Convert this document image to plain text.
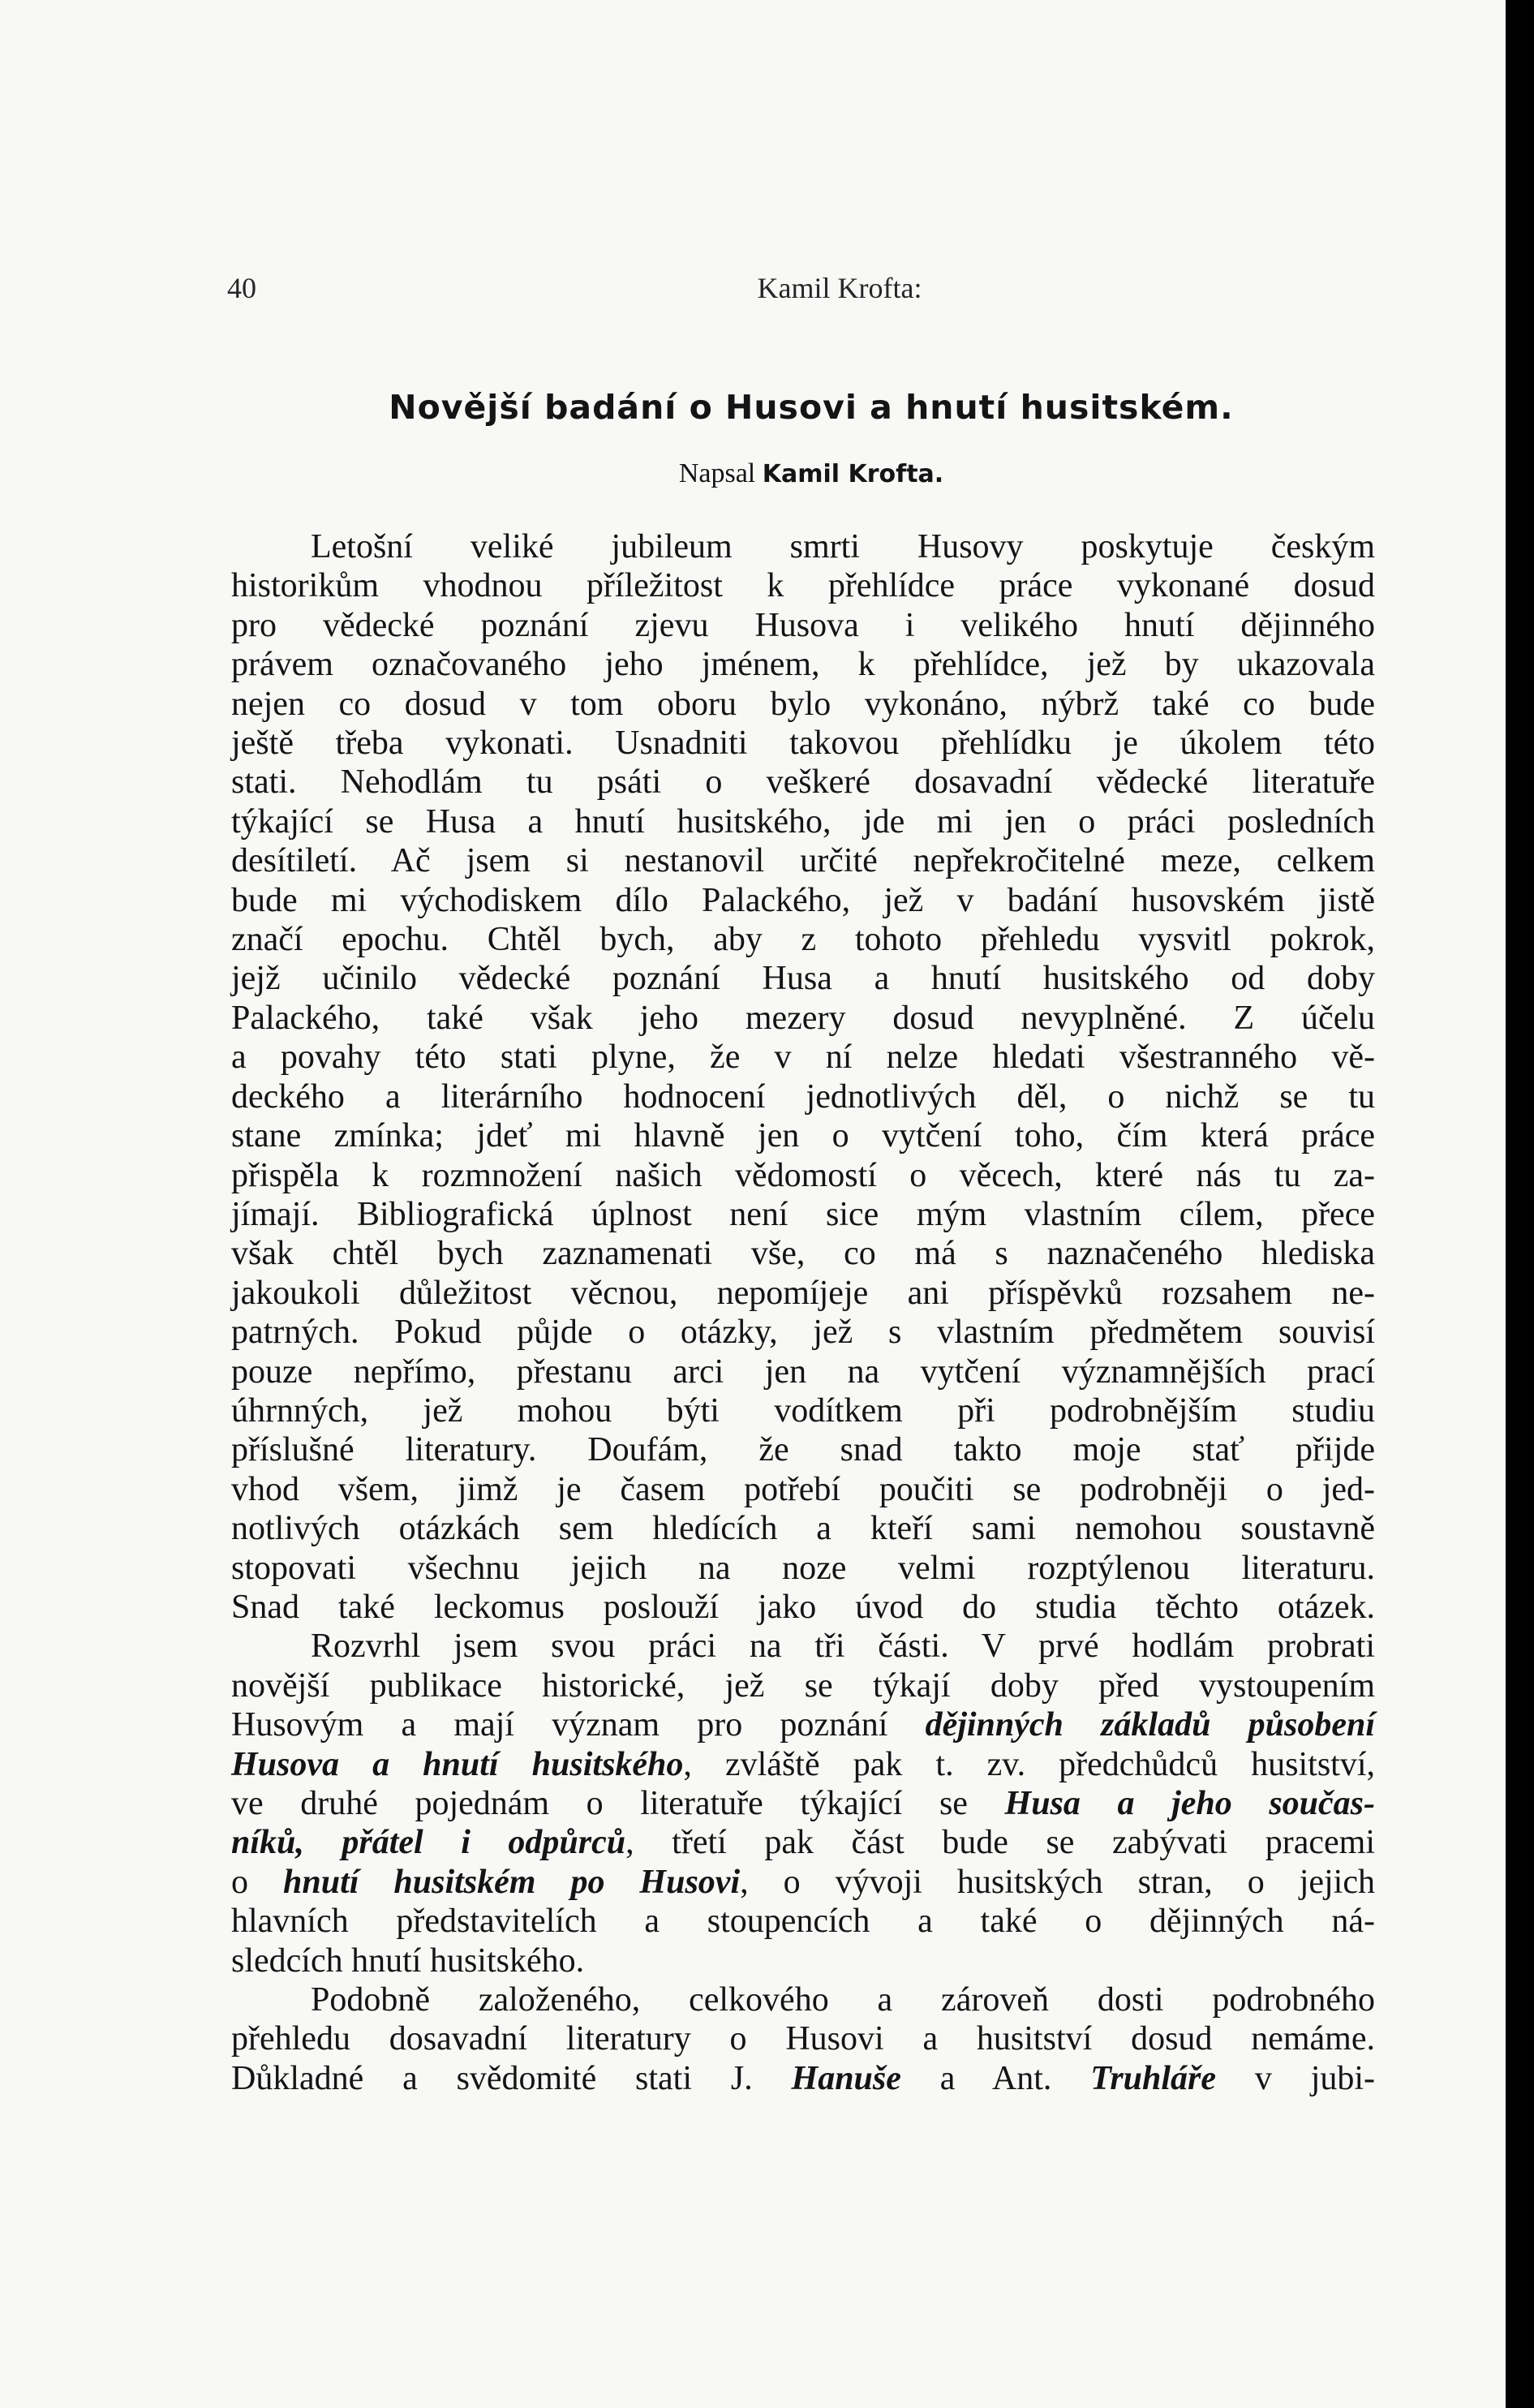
40	Kamil Krofta:
Novější badání o Husovi a hnutí husitském.
Napsal Kamil Krofta.
Letošní veliké jubileum smrti Husovy poskytuje českým
historikům vhodnou příležitost k přehlídce práce vykonané dosud
pro vědecké poznání zjevu Husova i velikého hnutí dějinného
právem označovaného jeho jménem, k přehlídce, jež by ukazovala
nejen co dosud v tom oboru bylo vykonáno, nýbrž také co bude
ještě třeba vykonati. Usnadniti takovou přehlídku je úkolem této
stati. Nehodlám tu psáti o veškeré dosavadní vědecké literatuře
týkající se Husa a hnutí husitského, jde mi jen o práci posledních
desítiletí. Ač jsem si nestanovil určité nepřekročitelné meze, celkem
bude mi východiskem dílo Palackého, jež v badání husovském jistě
značí epochu. Chtěl bych, aby z tohoto přehledu vysvitl pokrok,
jejž učinilo vědecké poznání Husa a hnutí husitského od doby
Palackého, také však jeho mezery dosud nevyplněné. Z účelu
a povahy této stati plyne, že v ní nelze hledati všestranného vě-
deckého a literárního hodnocení jednotlivých děl, o nichž se tu
stane zmínka; jdeť mi hlavně jen o vytčení toho, čím která práce
přispěla k rozmnožení našich vědomostí o věcech, které nás tu za-
jímají. Bibliografická úplnost není sice mým vlastním cílem, přece
však chtěl bych zaznamenati vše, co má s naznačeného hlediska
jakoukoli důležitost věcnou, nepomíjeje ani příspěvků rozsahem ne-
patrných. Pokud půjde o otázky, jež s vlastním předmětem souvisí
pouze nepřímo, přestanu arci jen na vytčení významnějších prací
úhrnných, jež mohou býti vodítkem při podrobnějším studiu
příslušné literatury. Doufám, že snad takto moje stať přijde
vhod všem, jimž je časem potřebí poučiti se podrobněji o jed-
notlivých otázkách sem hledících a kteří sami nemohou soustavně
stopovati všechnu jejich na noze velmi rozptýlenou literaturu.
Snad také leckomus poslouží jako úvod do studia těchto otázek.
Rozvrhl jsem svou práci na tři části. V prvé hodlám probrati
novější publikace historické, jež se týkají doby před vystoupením
Husovým a mají význam pro poznání dějinných základů působení
Husova a hnutí husitského, zvláště pak t. zv. předchůdců husitství,
ve druhé pojednám o literatuře týkající se Husa a jeho součas-
níků, přátel i odpůrců, třetí pak část bude se zabývati pracemi
o hnutí husitském po Husovi, o vývoji husitských stran, o jejich
hlavních představitelích a stoupencích a také o dějinných ná-
sledcích hnutí husitského.
Podobně založeného, celkového a zároveň dosti podrobného
přehledu dosavadní literatury o Husovi a husitství dosud nemáme.
Důkladné a svědomité stati J. Hanuše a Ant. Truhláře v jubi-
